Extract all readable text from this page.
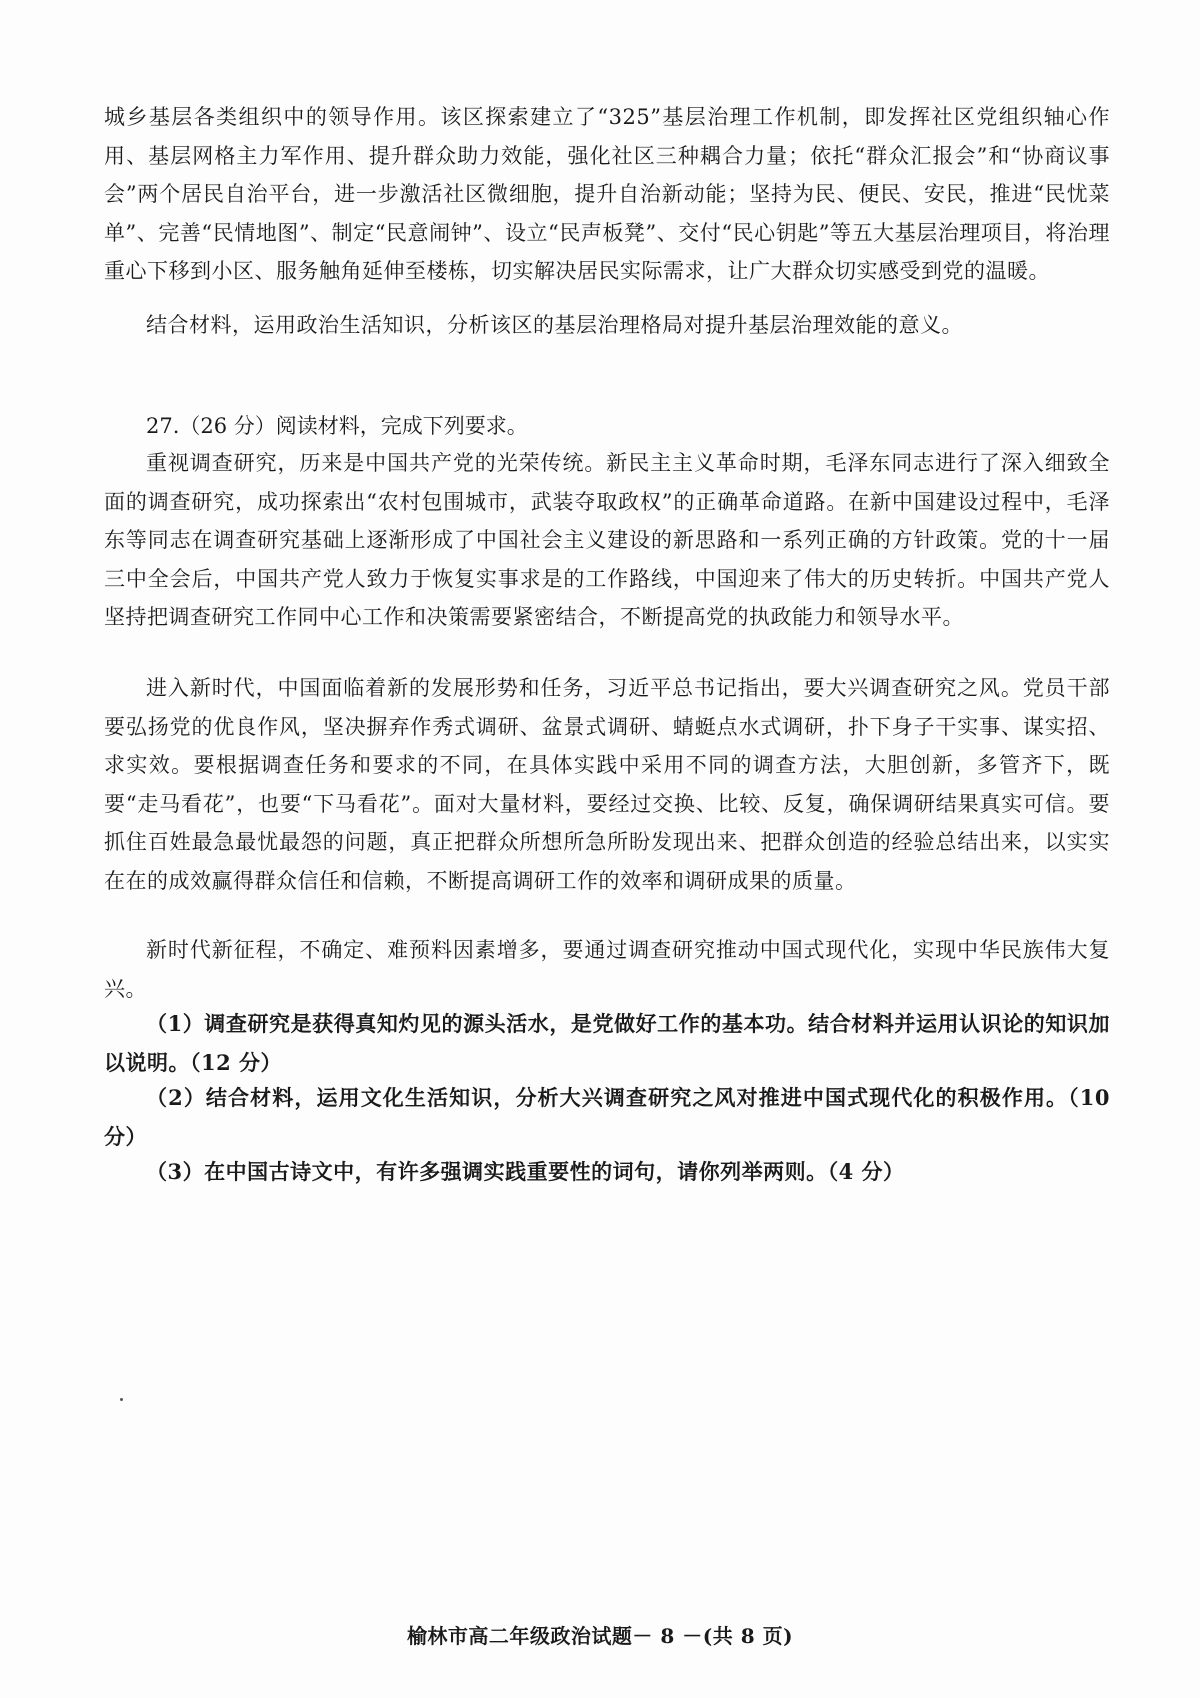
城乡基层各类组织中的领导作用。该区探索建立了“325”基层治理工作机制，即发挥社区党组织轴心作用、基层网格主力军作用、提升群众助力效能，强化社区三种耦合力量；依托“群众汇报会”和“协商议事会”两个居民自治平台，进一步激活社区微细胞，提升自治新动能；坚持为民、便民、安民，推进“民忧菜单”、完善“民情地图”、制定“民意闹钟”、设立“民声板凳”、交付“民心钥匙”等五大基层治理项目，将治理重心下移到小区、服务触角延伸至楼栋，切实解决居民实际需求，让广大群众切实感受到党的温暖。

结合材料，运用政治生活知识，分析该区的基层治理格局对提升基层治理效能的意义。

27.（26 分）阅读材料，完成下列要求。

重视调查研究，历来是中国共产党的光荣传统。新民主主义革命时期，毛泽东同志进行了深入细致全面的调查研究，成功探索出“农村包围城市，武装夺取政权”的正确革命道路。在新中国建设过程中，毛泽东等同志在调查研究基础上逐渐形成了中国社会主义建设的新思路和一系列正确的方针政策。党的十一届三中全会后，中国共产党人致力于恢复实事求是的工作路线，中国迎来了伟大的历史转折。中国共产党人坚持把调查研究工作同中心工作和决策需要紧密结合，不断提高党的执政能力和领导水平。

进入新时代，中国面临着新的发展形势和任务，习近平总书记指出，要大兴调查研究之风。党员干部要弘扬党的优良作风，坚决摒弃作秀式调研、盆景式调研、蜻蜓点水式调研，扑下身子干实事、谋实招、求实效。要根据调查任务和要求的不同，在具体实践中采用不同的调查方法，大胆创新，多管齐下，既要“走马看花”，也要“下马看花”。面对大量材料，要经过交换、比较、反复，确保调研结果真实可信。要抓住百姓最急最忧最怨的问题，真正把群众所想所急所盼发现出来、把群众创造的经验总结出来，以实实在在的成效赢得群众信任和信赖，不断提高调研工作的效率和调研成果的质量。

新时代新征程，不确定、难预料因素增多，要通过调查研究推动中国式现代化，实现中华民族伟大复兴。

（1）调查研究是获得真知灼见的源头活水，是党做好工作的基本功。结合材料并运用认识论的知识加以说明。（12 分）

（2）结合材料，运用文化生活知识，分析大兴调查研究之风对推进中国式现代化的积极作用。（10 分）

（3）在中国古诗文中，有许多强调实践重要性的词句，请你列举两则。（4 分）

榆林市高二年级政治试题－ 8 －(共 8 页)
